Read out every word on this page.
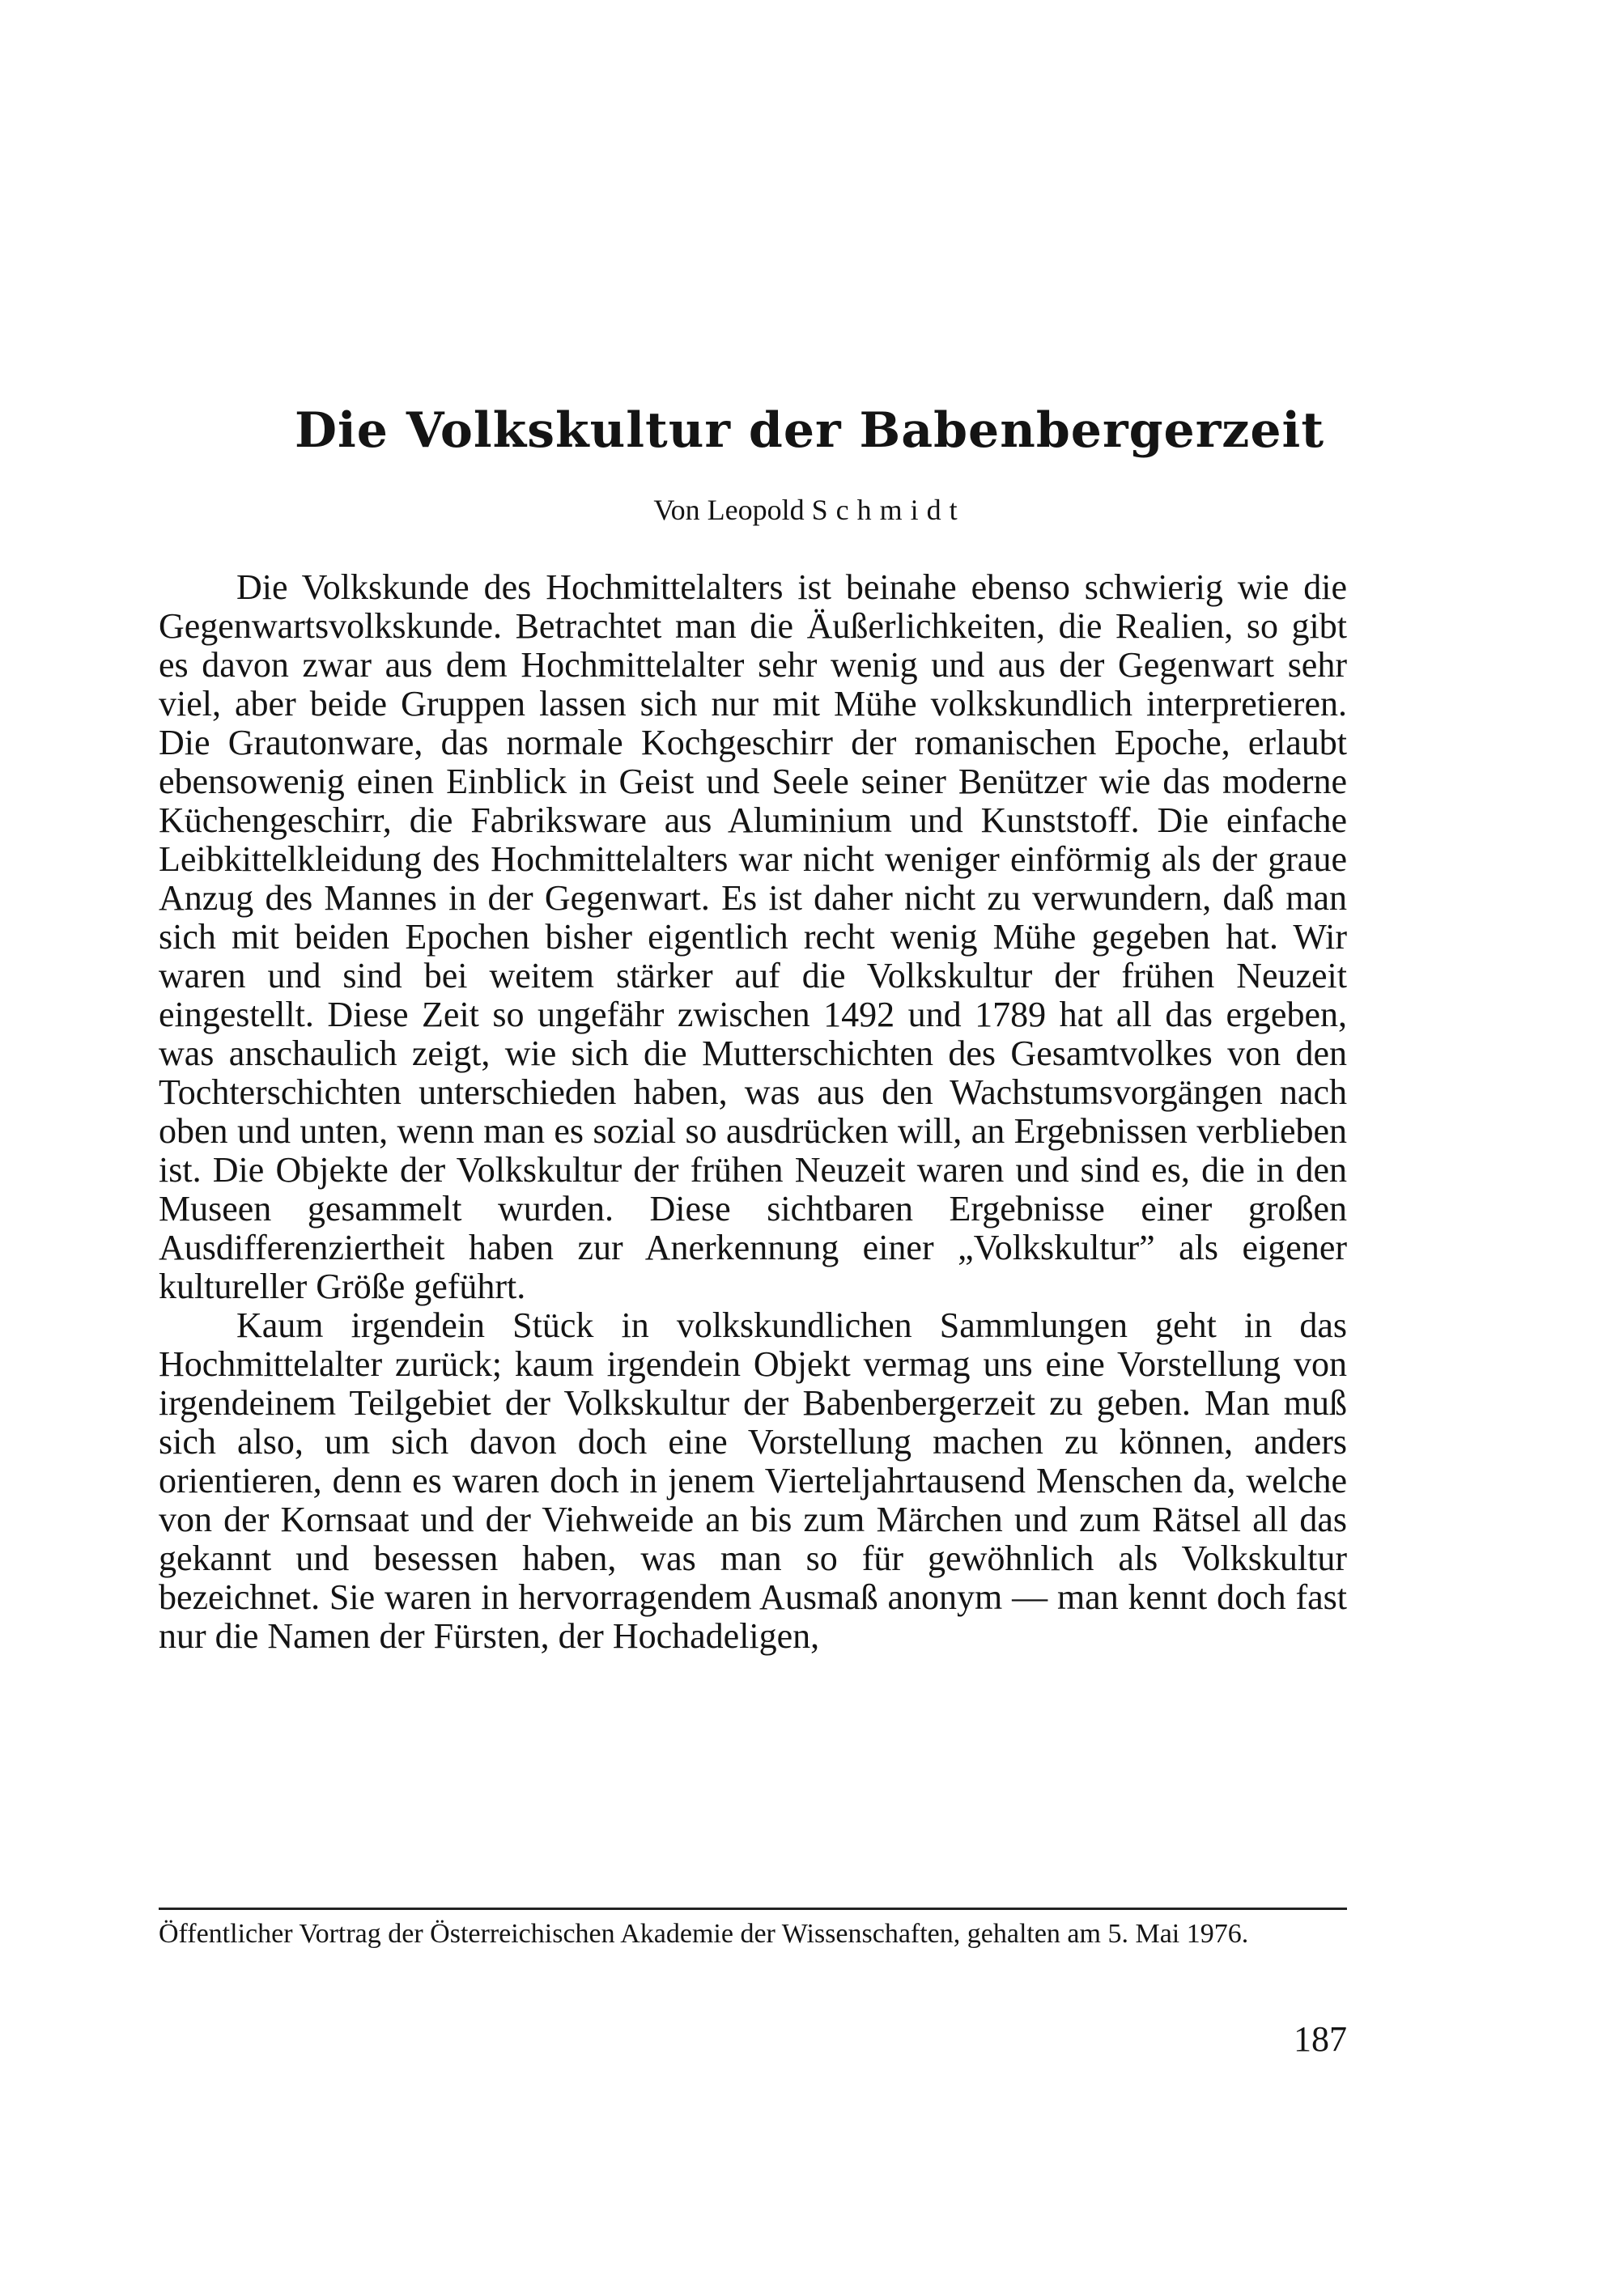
Die Volkskultur der Babenbergerzeit
Von Leopold Schmidt

Die Volkskunde des Hochmittelalters ist beinahe ebenso schwierig wie die Gegenwartsvolkskunde. Betrachtet man die Äußerlichkeiten, die Realien, so gibt es davon zwar aus dem Hochmittelalter sehr wenig und aus der Gegenwart sehr viel, aber beide Gruppen lassen sich nur mit Mühe volkskundlich interpretieren. Die Grautonware, das normale Kochgeschirr der romanischen Epoche, erlaubt ebensowenig einen Einblick in Geist und Seele seiner Benützer wie das moderne Küchengeschirr, die Fabriksware aus Aluminium und Kunststoff. Die einfache Leibkittelkleidung des Hochmittelalters war nicht weniger einförmig als der graue Anzug des Mannes in der Gegenwart. Es ist daher nicht zu verwundern, daß man sich mit beiden Epochen bisher eigentlich recht wenig Mühe gegeben hat. Wir waren und sind bei weitem stärker auf die Volkskultur der frühen Neuzeit eingestellt. Diese Zeit so ungefähr zwischen 1492 und 1789 hat all das ergeben, was anschaulich zeigt, wie sich die Mutterschichten des Gesamtvolkes von den Tochterschichten unterschieden haben, was aus den Wachstumsvorgängen nach oben und unten, wenn man es sozial so ausdrücken will, an Ergebnissen verblieben ist. Die Objekte der Volkskultur der frühen Neuzeit waren und sind es, die in den Museen gesammelt wurden. Diese sichtbaren Ergebnisse einer großen Ausdifferenziertheit haben zur Anerkennung einer „Volkskultur” als eigener kultureller Größe geführt.

Kaum irgendein Stück in volkskundlichen Sammlungen geht in das Hochmittelalter zurück; kaum irgendein Objekt vermag uns eine Vorstellung von irgendeinem Teilgebiet der Volkskultur der Babenbergerzeit zu geben. Man muß sich also, um sich davon doch eine Vorstellung machen zu können, anders orientieren, denn es waren doch in jenem Vierteljahrtausend Menschen da, welche von der Kornsaat und der Viehweide an bis zum Märchen und zum Rätsel all das gekannt und besessen haben, was man so für gewöhnlich als Volkskultur bezeichnet. Sie waren in hervorragendem Ausmaß anonym — man kennt doch fast nur die Namen der Fürsten, der Hochadeligen,

Öffentlicher Vortrag der Österreichischen Akademie der Wissenschaften, gehalten am 5. Mai 1976.

187
